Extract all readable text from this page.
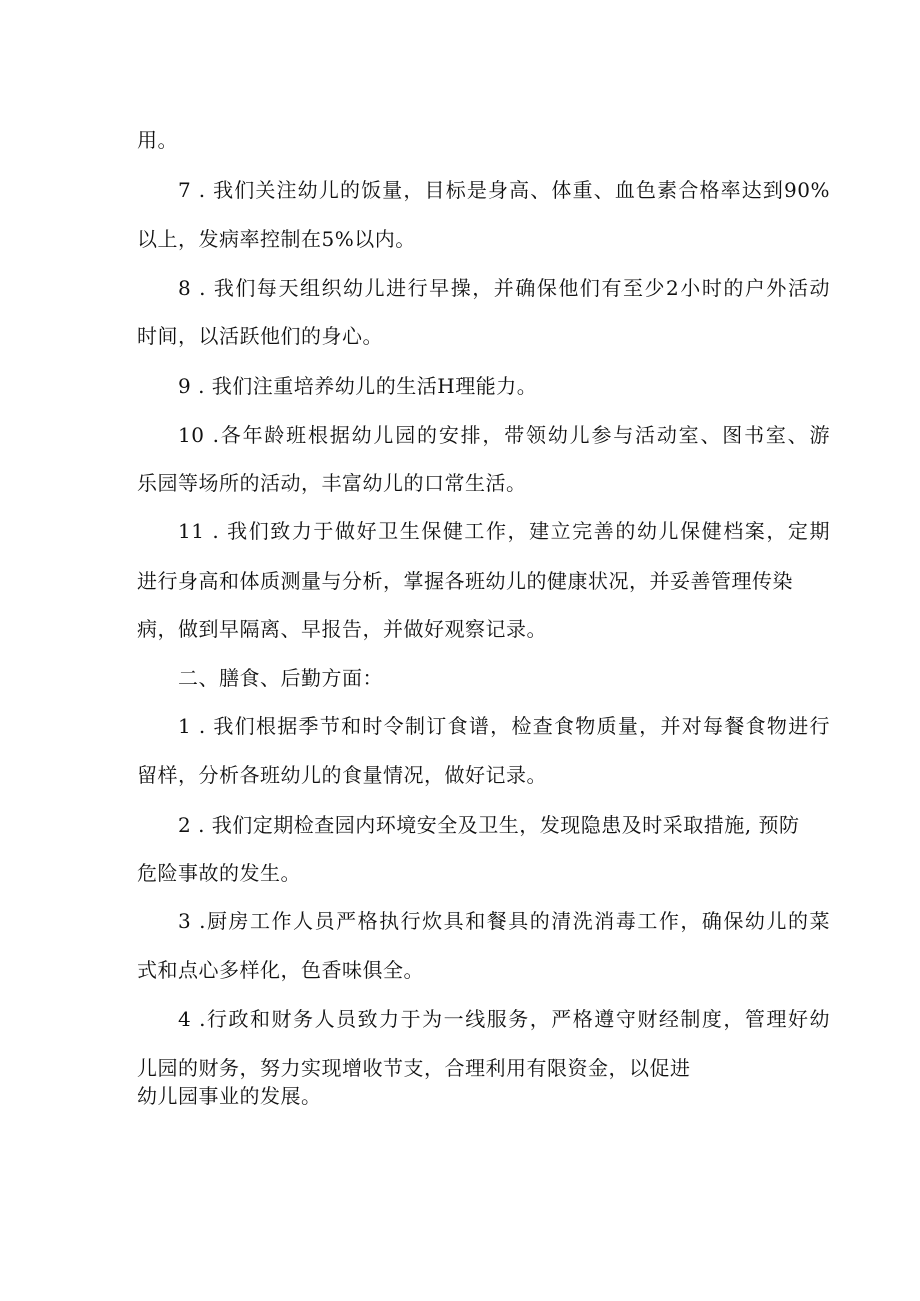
用。
7 . 我们关注幼儿的饭量，目标是身高、体重、血色素合格率达到90%
以上，发病率控制在5%以内。
8 . 我们每天组织幼儿进行早操，并确保他们有至少2小时的户外活动
时间，以活跃他们的身心。
9 . 我们注重培养幼儿的生活H理能力。
10 .各年龄班根据幼儿园的安排，带领幼儿参与活动室、图书室、游
乐园等场所的活动，丰富幼儿的口常生活。
11 . 我们致力于做好卫生保健工作，建立完善的幼儿保健档案，定期
进行身高和体质测量与分析，掌握各班幼儿的健康状况，并妥善管理传染
病，做到早隔离、早报告，并做好观察记录。
二、膳食、后勤方面：
1 . 我们根据季节和时令制订食谱，检查食物质量，并对每餐食物进行
留样，分析各班幼儿的食量情况，做好记录。
2 . 我们定期检查园内环境安全及卫生，发现隐患及时采取措施, 预防
危险事故的发生。
3 .厨房工作人员严格执行炊具和餐具的清洗消毒工作，确保幼儿的菜
式和点心多样化，色香味俱全。
4 .行政和财务人员致力于为一线服务，严格遵守财经制度，管理好幼
儿园的财务，努力实现增收节支，合理利用有限资金，以促进
幼儿园事业的发展。
